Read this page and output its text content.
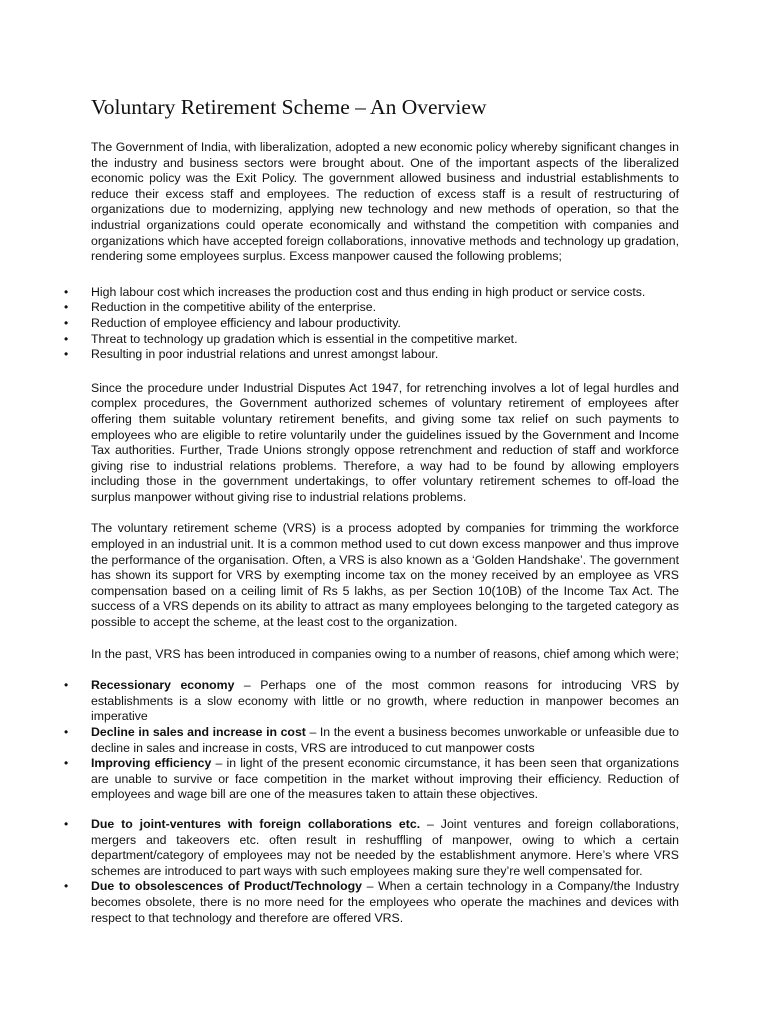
Voluntary Retirement Scheme – An Overview

The Government of India, with liberalization, adopted a new economic policy whereby significant changes in the industry and business sectors were brought about. One of the important aspects of the liberalized economic policy was the Exit Policy. The government allowed business and industrial establishments to reduce their excess staff and employees. The reduction of excess staff is a result of restructuring of organizations due to modernizing, applying new technology and new methods of operation, so that the industrial organizations could operate economically and withstand the competition with companies and organizations which have accepted foreign collaborations, innovative methods and technology up gradation, rendering some employees surplus. Excess manpower caused the following problems;

• High labour cost which increases the production cost and thus ending in high product or service costs.
• Reduction in the competitive ability of the enterprise.
• Reduction of employee efficiency and labour productivity.
• Threat to technology up gradation which is essential in the competitive market.
• Resulting in poor industrial relations and unrest amongst labour.

Since the procedure under Industrial Disputes Act 1947, for retrenching involves a lot of legal hurdles and complex procedures, the Government authorized schemes of voluntary retirement of employees after offering them suitable voluntary retirement benefits, and giving some tax relief on such payments to employees who are eligible to retire voluntarily under the guidelines issued by the Government and Income Tax authorities. Further, Trade Unions strongly oppose retrenchment and reduction of staff and workforce giving rise to industrial relations problems. Therefore, a way had to be found by allowing employers including those in the government undertakings, to offer voluntary retirement schemes to off-load the surplus manpower without giving rise to industrial relations problems.

The voluntary retirement scheme (VRS) is a process adopted by companies for trimming the workforce employed in an industrial unit. It is a common method used to cut down excess manpower and thus improve the performance of the organisation. Often, a VRS is also known as a ‘Golden Handshake’. The government has shown its support for VRS by exempting income tax on the money received by an employee as VRS compensation based on a ceiling limit of Rs 5 lakhs, as per Section 10(10B) of the Income Tax Act. The success of a VRS depends on its ability to attract as many employees belonging to the targeted category as possible to accept the scheme, at the least cost to the organization.

In the past, VRS has been introduced in companies owing to a number of reasons, chief among which were;

• Recessionary economy – Perhaps one of the most common reasons for introducing VRS by establishments is a slow economy with little or no growth, where reduction in manpower becomes an imperative
• Decline in sales and increase in cost – In the event a business becomes unworkable or unfeasible due to decline in sales and increase in costs, VRS are introduced to cut manpower costs
• Improving efficiency – in light of the present economic circumstance, it has been seen that organizations are unable to survive or face competition in the market without improving their efficiency. Reduction of employees and wage bill are one of the measures taken to attain these objectives.
• Due to joint-ventures with foreign collaborations etc. – Joint ventures and foreign collaborations, mergers and takeovers etc. often result in reshuffling of manpower, owing to which a certain department/category of employees may not be needed by the establishment anymore. Here’s where VRS schemes are introduced to part ways with such employees making sure they’re well compensated for.
• Due to obsolescences of Product/Technology – When a certain technology in a Company/the Industry becomes obsolete, there is no more need for the employees who operate the machines and devices with respect to that technology and therefore are offered VRS.
